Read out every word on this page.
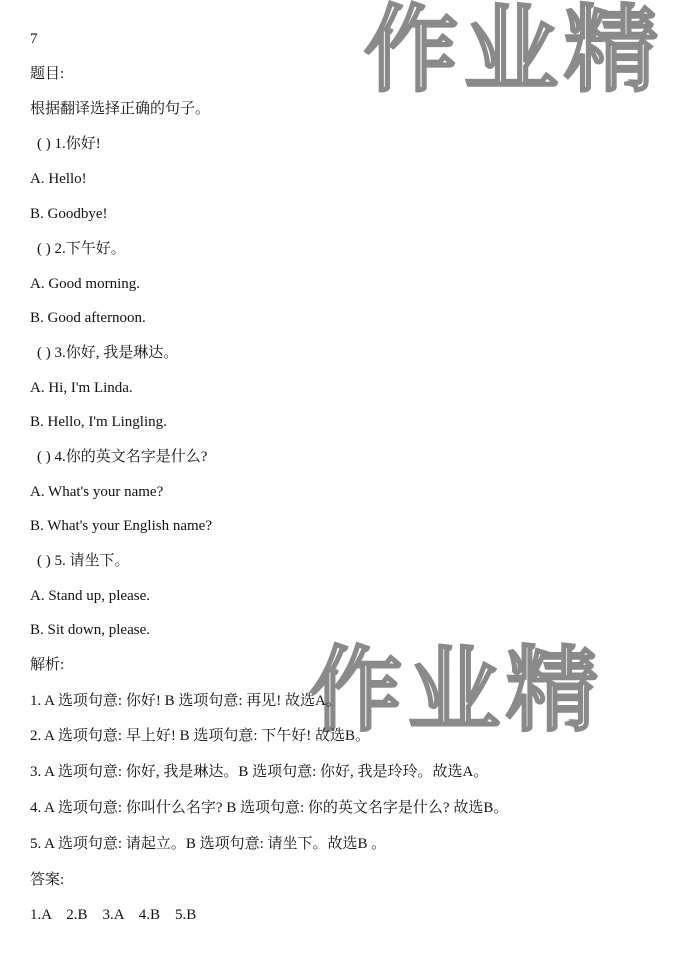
作业精
作业精
7
题目:
根据翻译选择正确的句子。
( ) 1.你好!
A. Hello!
B. Goodbye!
( ) 2.下午好。
A. Good morning.
B. Good afternoon.
( ) 3.你好, 我是琳达。
A. Hi, I'm Linda.
B. Hello, I'm Lingling.
( ) 4.你的英文名字是什么?
A. What's your name?
B. What's your English name?
( ) 5. 请坐下。
A. Stand up, please.
B. Sit down, please.
解析:
1. A 选项句意: 你好! B 选项句意: 再见! 故选A。
2. A 选项句意: 早上好! B 选项句意: 下午好! 故选B。
3. A 选项句意: 你好, 我是琳达。B 选项句意: 你好, 我是玲玲。故选A。
4. A 选项句意: 你叫什么名字? B 选项句意: 你的英文名字是什么? 故选B。
5. A 选项句意: 请起立。B 选项句意: 请坐下。故选B 。
答案:
1.A    2.B    3.A    4.B    5.B
